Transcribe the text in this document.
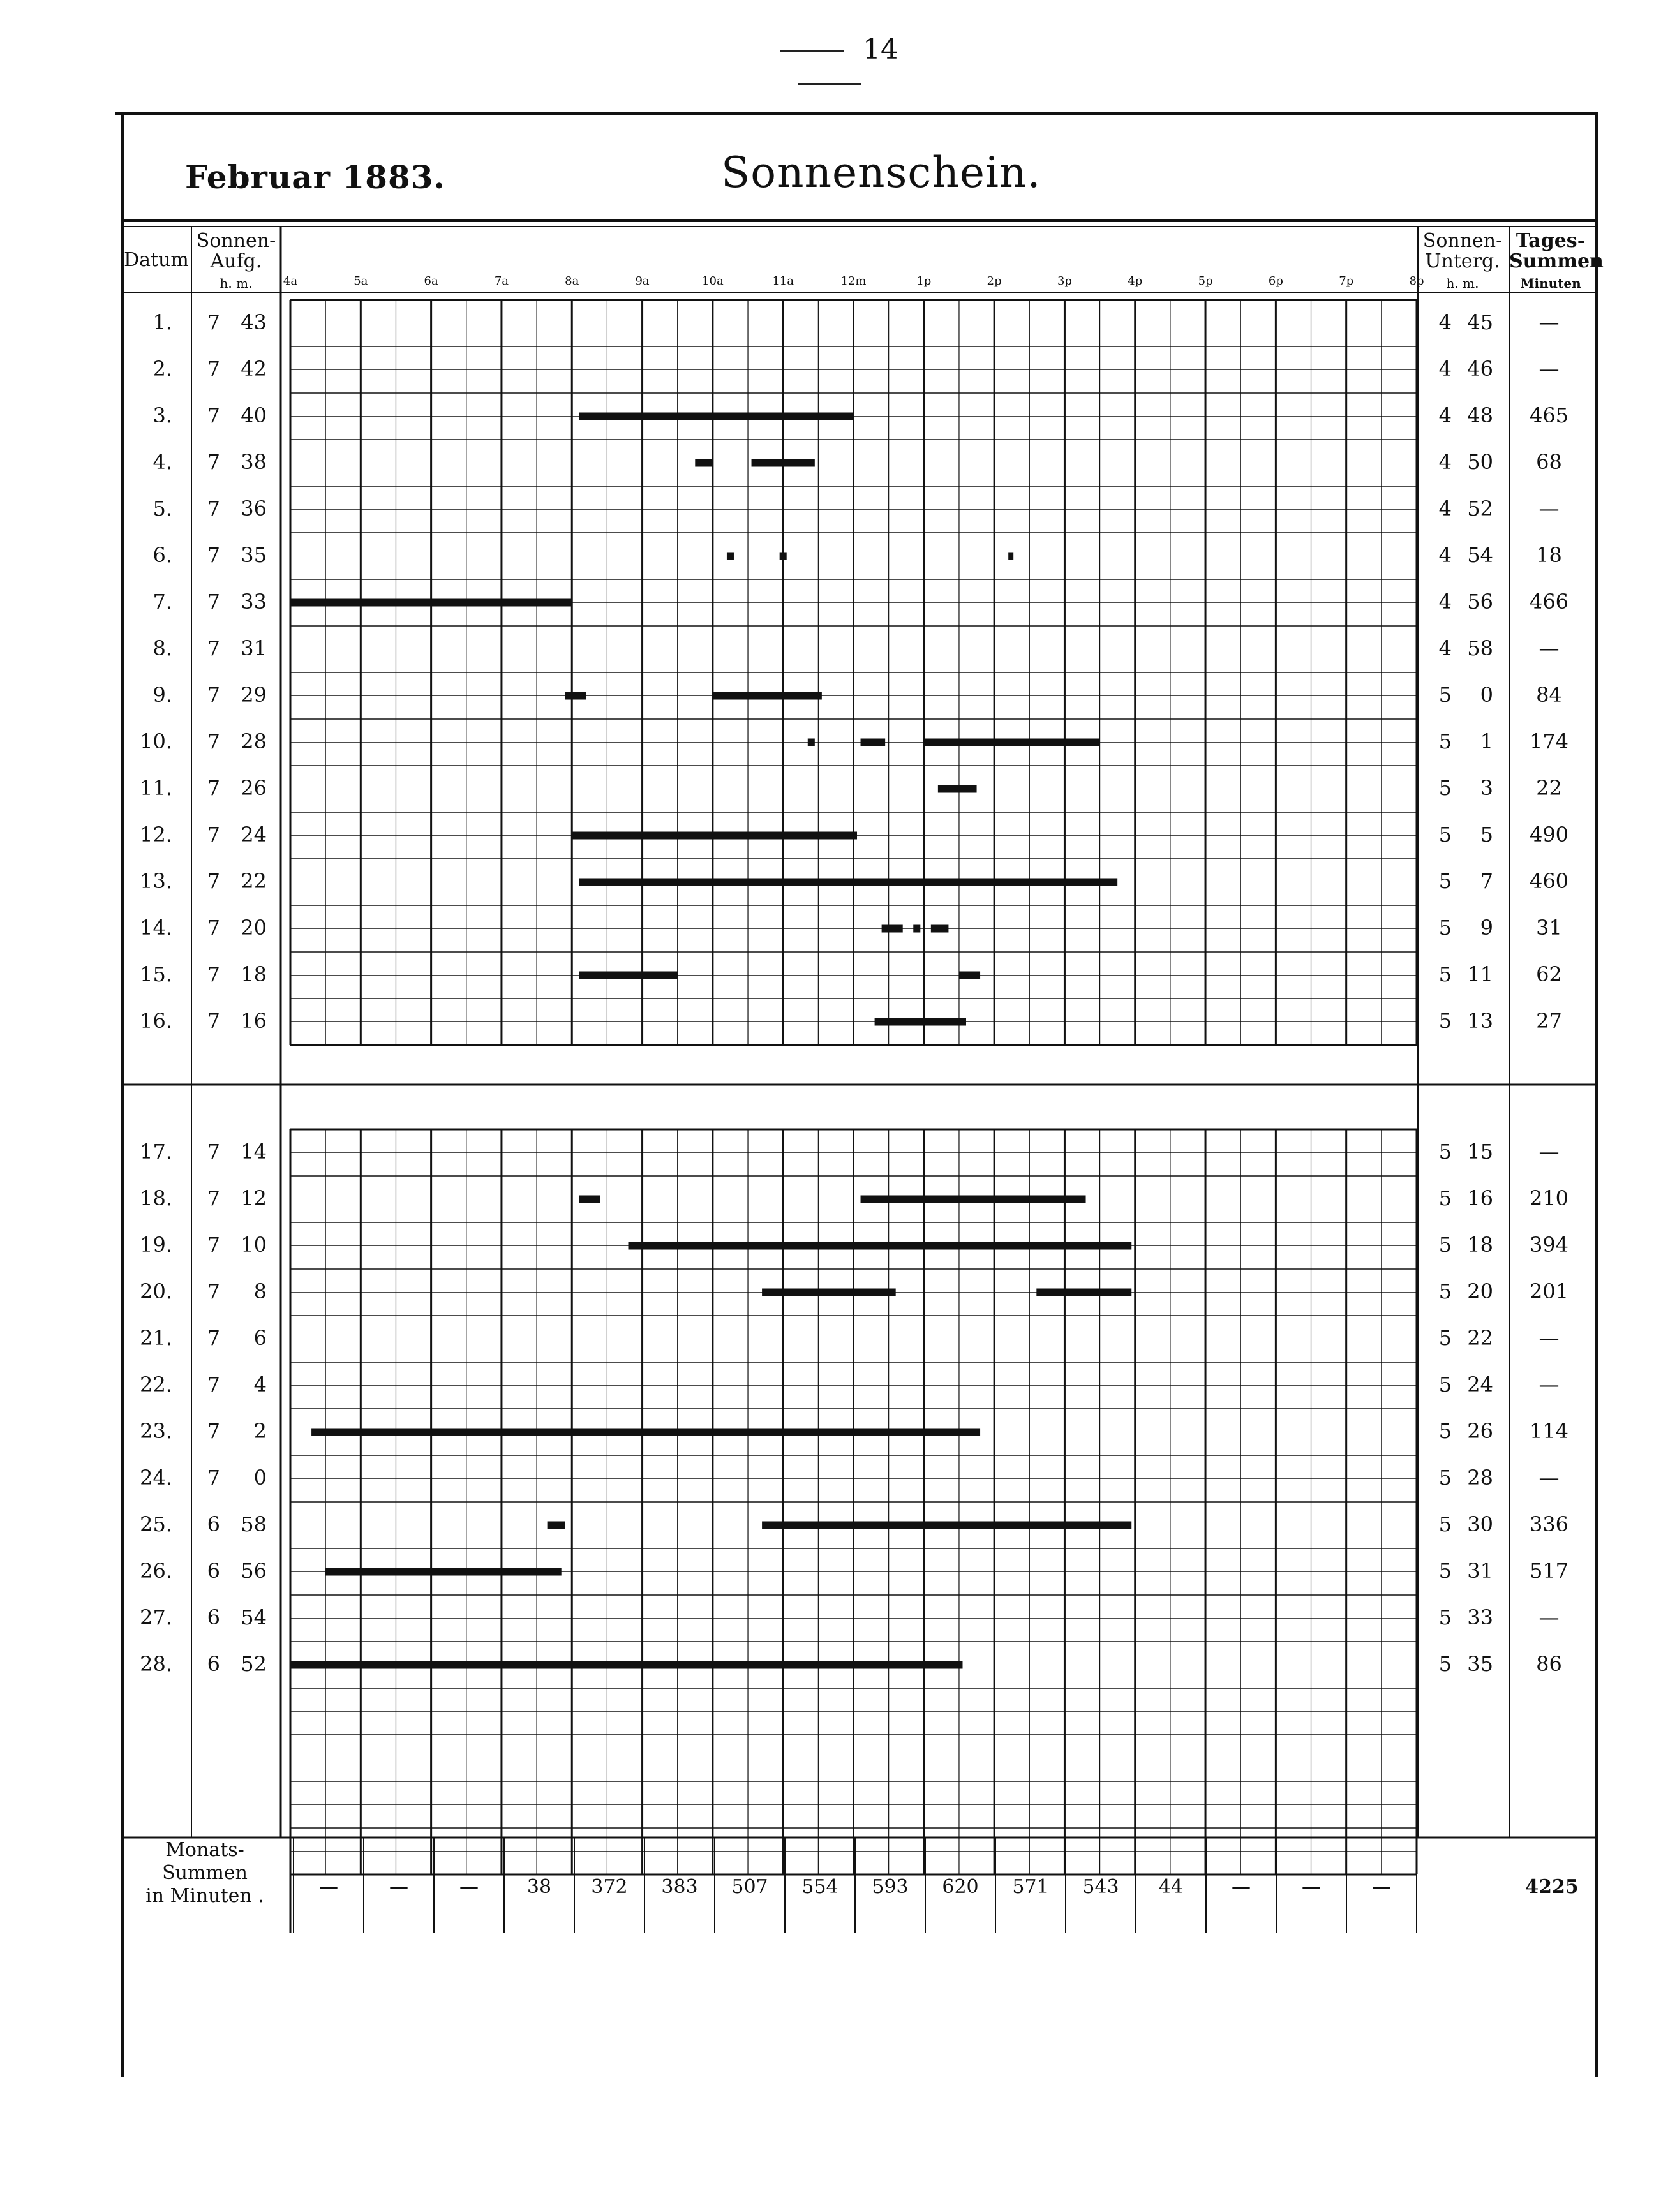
14
Februar 1883.	Sonnenschein.
Datum
Sonnen-Aufg.
h. m.
Sonnen-Unterg.
h. m.
Tages-Summen
Minuten
4a	5a	6a	7a	8a	9a	10a	11a	12m	1p	2p	3p	4p	5p	6p	7p	8p
1.	7 43	4 45	—
2.	7 42	4 46	—
3.	7 40	4 48	465
4.	7 38	4 50	68
5.	7 36	4 52	—
6.	7 35	4 54	18
7.	7 33	4 56	466
8.	7 31	4 58	—
9.	7 29	5	0	84
10.	7 28	5	1	174
11.	7 26	5	3	22
12.	7 24	5	5	490
13.	7 22	5	7	460
14.	7 20	5	9	31
15.	7 18	5 11	62
16.	7 16	5 13	27
17.	7 14	5 15	—
18.	7 12	5 16	210
19.	7 10	5 18	394
20.	7	8	5 20	201
21.	7	6	5 22	—
22.	7	4	5 24	—
23.	7	2	5 26	114
24.	7	0	5 28	—
25.	6 58	5 30	336
26.	6 56	5 31	517
27.	6 54	5 33	—
28.	6 52	5 35	86
Monats-Summen
in Minuten .	—	—	—	38	372	383	507	554	593	620	571	543	44	—	—	—	4225
